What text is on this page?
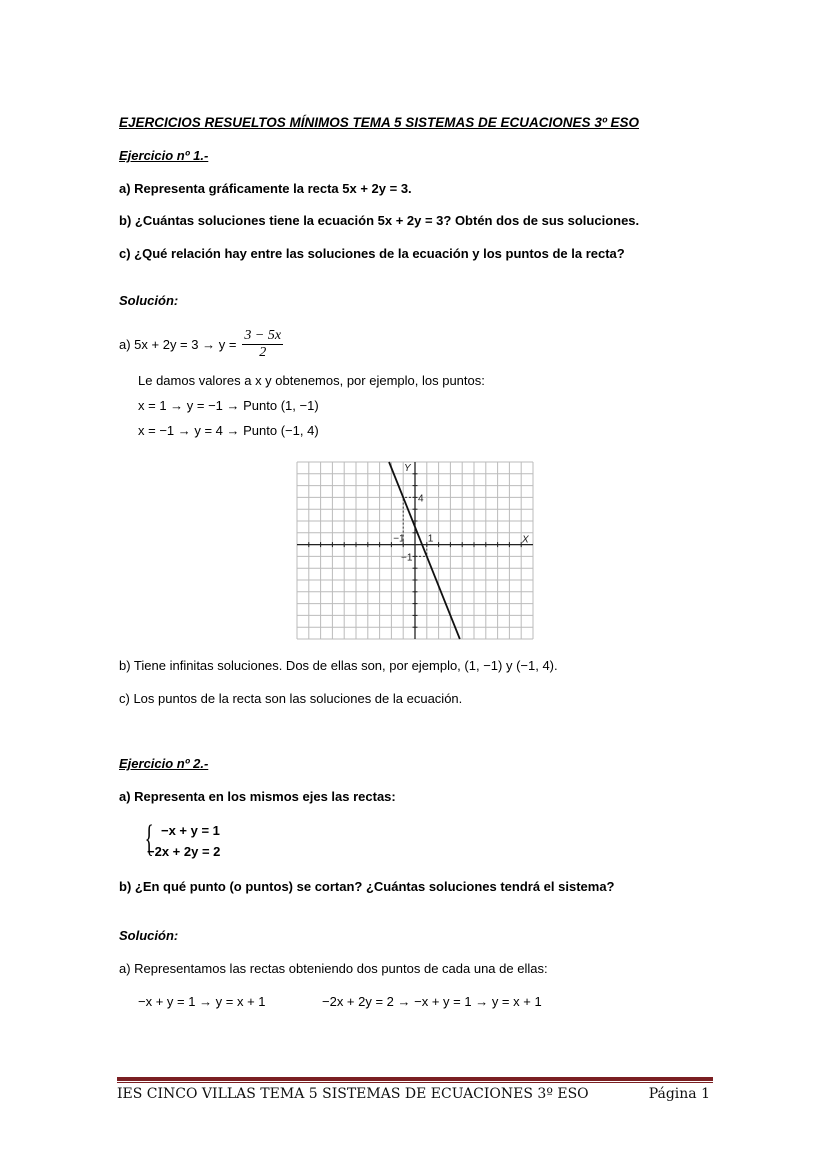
EJERCICIOS RESUELTOS MÍNIMOS TEMA 5 SISTEMAS DE ECUACIONES 3º ESO
Ejercicio nº 1.-
a) Representa gráficamente la recta 5x + 2y = 3.
b) ¿Cuántas soluciones tiene la ecuación 5x + 2y = 3? Obtén dos de sus soluciones.
c) ¿Qué relación hay entre las soluciones de la ecuación y los puntos de la recta?
Solución:
a) $5x + 2y = 3 \to y = \frac{3 - 5x}{2}$
Le damos valores a x y obtenemos, por ejemplo, los puntos:
x = 1 → y = −1 → Punto (1, −1)
x = −1 → y = 4 → Punto (−1, 4)
X
Y
4
1
−1
−1
b) Tiene infinitas soluciones. Dos de ellas son, por ejemplo, (1, −1) y (−1, 4).
c) Los puntos de la recta son las soluciones de la ecuación.
Ejercicio nº 2.-
a) Representa en los mismos ejes las rectas:
{ −x + y = 1
−2x + 2y = 2
b) ¿En qué punto (o puntos) se cortan? ¿Cuántas soluciones tendrá el sistema?
Solución:
a) Representamos las rectas obteniendo dos puntos de cada una de ellas:
−x + y = 1 → y = x + 1	−2x + 2y = 2 → −x + y = 1 → y = x + 1
IES CINCO VILLAS TEMA 5 SISTEMAS DE ECUACIONES 3º ESO	Página 1
